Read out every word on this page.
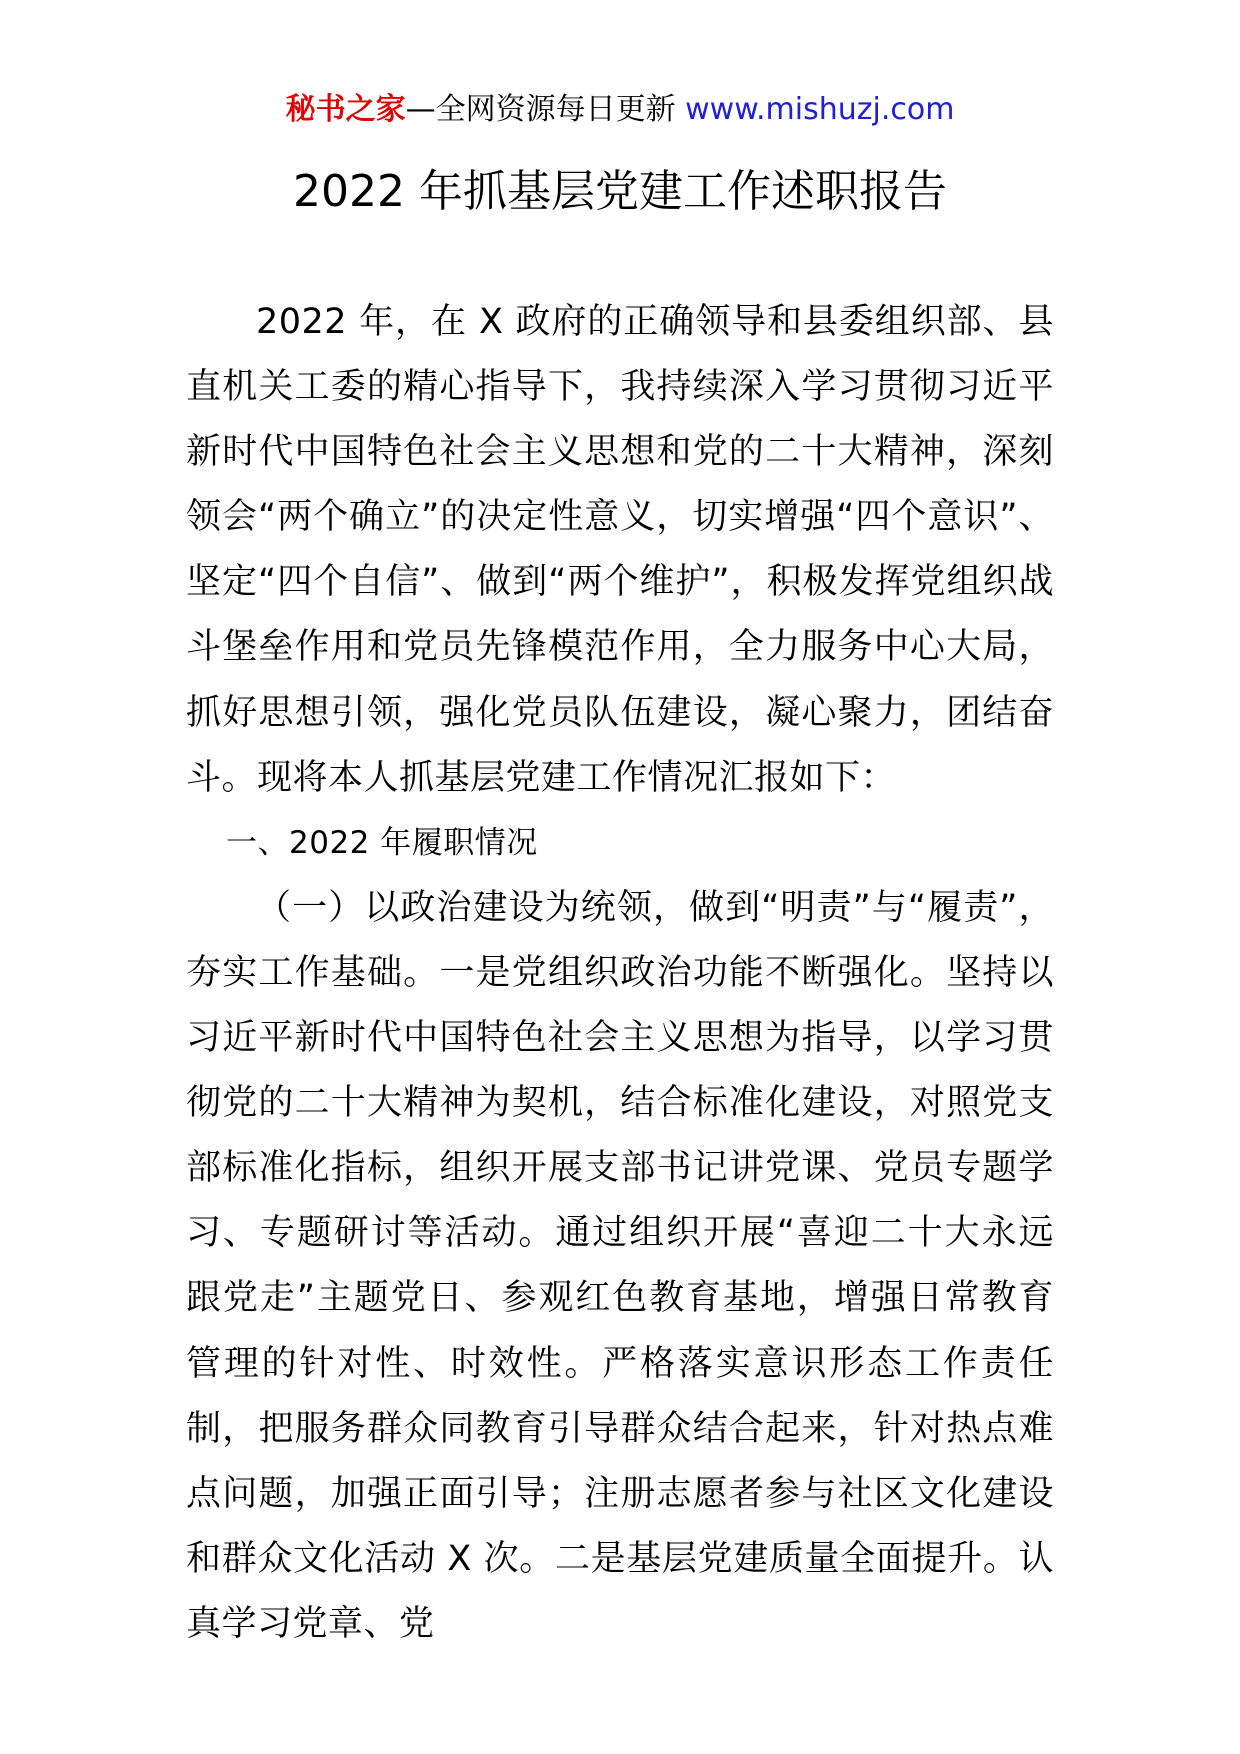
秘书之家—全网资源每日更新 www.mishuzj.com
2022 年抓基层党建工作述职报告

2022 年，在 X 政府的正确领导和县委组织部、县直机关工委的精心指导下，我持续深入学习贯彻习近平新时代中国特色社会主义思想和党的二十大精神，深刻领会“两个确立”的决定性意义，切实增强“四个意识”、坚定“四个自信”、做到“两个维护”，积极发挥党组织战斗堡垒作用和党员先锋模范作用，全力服务中心大局，抓好思想引领，强化党员队伍建设，凝心聚力，团结奋斗。现将本人抓基层党建工作情况汇报如下：

一、2022 年履职情况

（一）以政治建设为统领，做到“明责”与“履责”，夯实工作基础。一是党组织政治功能不断强化。坚持以习近平新时代中国特色社会主义思想为指导，以学习贯彻党的二十大精神为契机，结合标准化建设，对照党支部标准化指标，组织开展支部书记讲党课、党员专题学习、专题研讨等活动。通过组织开展“喜迎二十大永远跟党走”主题党日、参观红色教育基地，增强日常教育管理的针对性、时效性。严格落实意识形态工作责任制，把服务群众同教育引导群众结合起来，针对热点难点问题，加强正面引导；注册志愿者参与社区文化建设和群众文化活动 X 次。二是基层党建质量全面提升。认真学习党章、党
